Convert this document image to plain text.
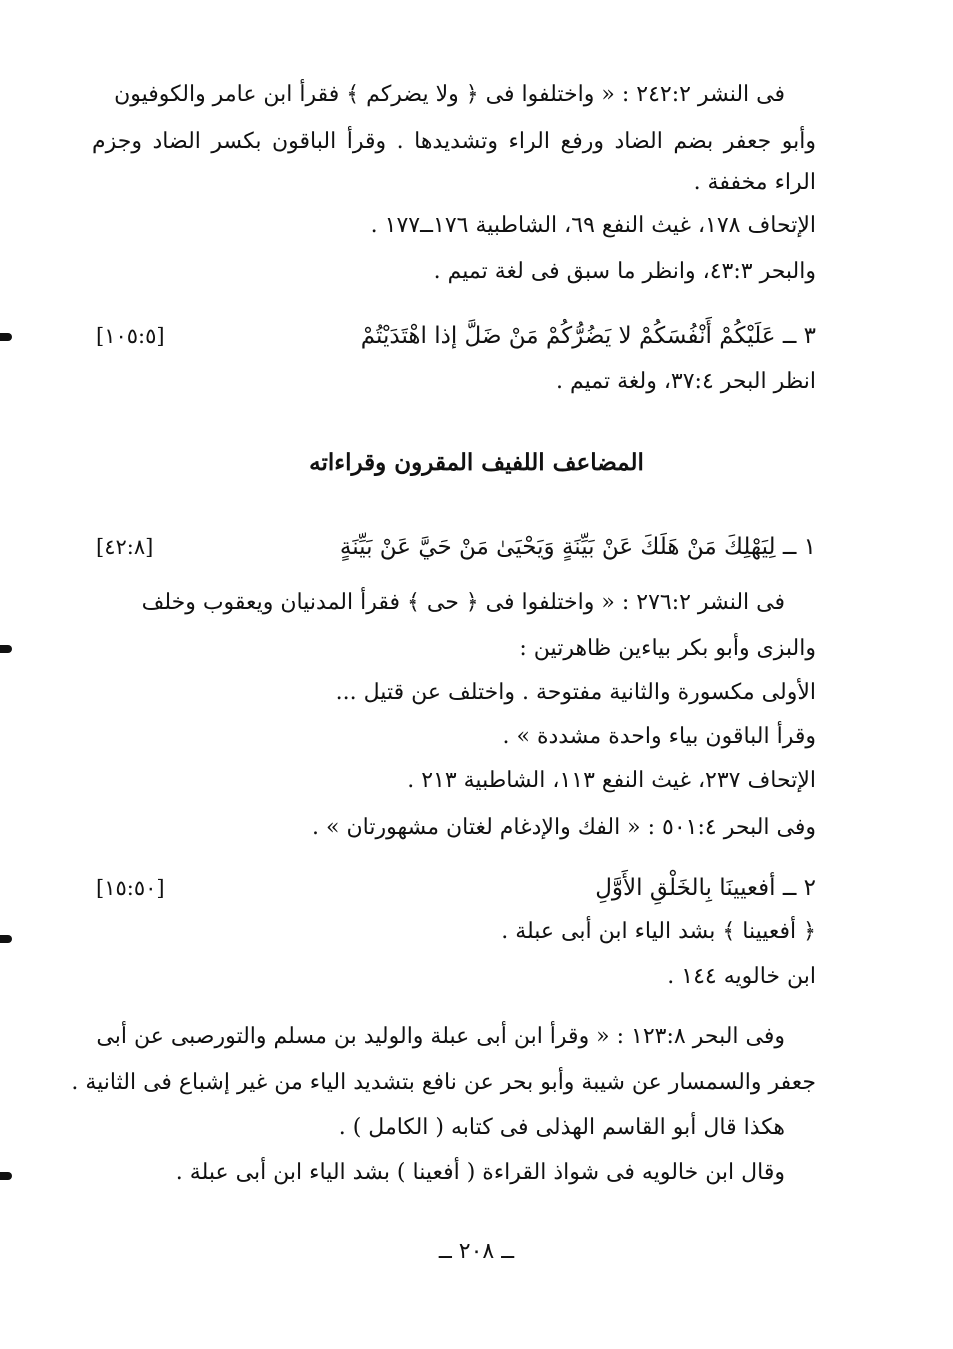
فى النشر ٢٤٢:٢ : « واختلفوا فى ﴿ ولا يضركم ﴾ فقرأ ابن عامر والكوفيون
وأبو جعفر بضم الضاد ورفع الراء وتشديدها . وقرأ الباقون بكسر الضاد وجزم
الراء مخففة .
الإتحاف ١٧٨، غيث النفع ٦٩، الشاطبية ١٧٦ــ١٧٧ .
والبحر ٤٣:٣، وانظر ما سبق فى لغة تميم .
٣ ــ عَلَيْكُمْ أَنْفُسَكُمْ لا يَضُرُّكُمْ مَنْ ضَلَّ إذا اهْتَدَيْتُمْ
[١٠٥:٥]
انظر البحر ٣٧:٤، ولغة تميم .
المضاعف اللفيف المقرون وقراءاته
١ ــ لِيَهْلِكَ مَنْ هَلَكَ عَنْ بَيِّنَةٍ وَيَحْيَىٰ مَنْ حَيَّ عَنْ بَيِّنَةٍ
[٤٢:٨]
فى النشر ٢٧٦:٢ : « واختلفوا فى ﴿ حى ﴾ فقرأ المدنيان ويعقوب وخلف
والبزى وأبو بكر بياءين ظاهرتين :
الأولى مكسورة والثانية مفتوحة . واختلف عن قتيل ...
وقرأ الباقون بياء واحدة مشددة » .
الإتحاف ٢٣٧، غيث النفع ١١٣، الشاطبية ٢١٣ .
وفى البحر ٥٠١:٤ : « الفك والإدغام لغتان مشهورتان » .
٢ ــ أفعيينَا بِالخَلْقِ الأَوَّلِ
[١٥:٥٠]
﴿ أفعيينا ﴾ بشد الياء ابن أبى عبلة .
ابن خالويه ١٤٤ .
وفى البحر ١٢٣:٨ : « وقرأ ابن أبى عبلة والوليد بن مسلم والتورصبى عن أبى
جعفر والسمسار عن شيبة وأبو بحر عن نافع بتشديد الياء من غير إشباع فى الثانية .
هكذا قال أبو القاسم الهذلى فى كتابه ( الكامل ) .
وقال ابن خالويه فى شواذ القراءة ( أفعينا ) بشد الياء ابن أبى عبلة .
ــ ٢٠٨ ــ
